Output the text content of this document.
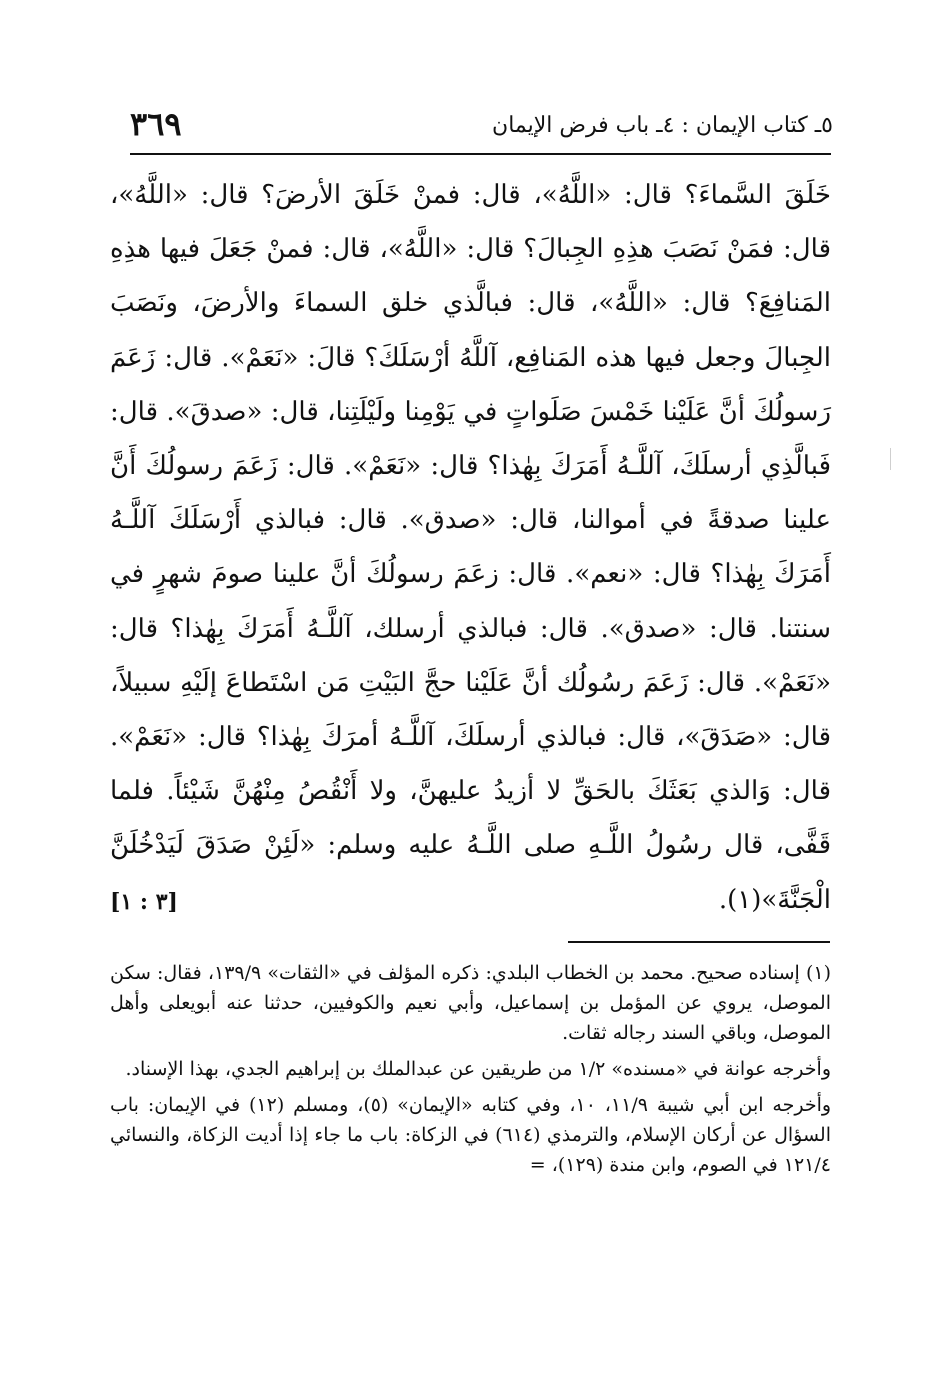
٥ـ كتاب الإيمان : ٤ـ باب فرض الإيمان
٣٦٩

خَلَقَ السَّماءَ؟ قال: «اللَّهُ»، قال: فمنْ خَلَقَ الأرضَ؟ قال: «اللَّهُ»، قال: فمَنْ نَصَبَ هذِهِ الجِبالَ؟ قال: «اللَّهُ»، قال: فمنْ جَعَلَ فيها هذِهِ المَنافِعَ؟ قال: «اللَّهُ»، قال: فبالَّذي خلق السماءَ والأرضَ، ونَصَبَ الجِبالَ وجعل فيها هذه المَنافِع، آللَّهُ أرْسَلَكَ؟ قالَ: «نَعَمْ». قال: زَعَمَ رَسولُكَ أنَّ عَلَيْنا خَمْسَ صَلَواتٍ في يَوْمِنا ولَيْلَتِنا، قال: «صدقَ». قال: فَبالَّذِي أرسلَكَ، آللَّـهُ أَمَرَكَ بِهٰذا؟ قال: «نَعَمْ». قال: زَعَمَ رسولُكَ أَنَّ علينا صدقةً في أموالنا، قال: «صدق». قال: فبالذي أَرْسَلَكَ آللَّـهُ أَمَرَكَ بِهٰذا؟ قال: «نعم». قال: زعَمَ رسولُكَ أنَّ علينا صومَ شهرٍ في سنتنا. قال: «صدق». قال: فبالذي أرسلك، آللَّـهُ أَمَرَكَ بِهٰذا؟ قال: «نَعَمْ». قال: زَعَمَ رسُولُك أنَّ عَلَيْنا حجَّ البَيْتِ مَن اسْتَطاعَ إلَيْهِ سبيلاً، قال: «صَدَقَ»، قال: فبالذي أرسلَكَ، آللَّـهُ أمرَكَ بِهٰذا؟ قال: «نَعَمْ». قال: وَالذي بَعَثَكَ بالحَقِّ لا أزيدُ عليهنَّ، ولا أَنْقُصُ مِنْهُنَّ شَيْئاً. فلما قَفَّى، قال رسُولُ اللَّـهِ صلى اللَّـهُ عليه وسلم: «لَئِنْ صَدَقَ لَيَدْخُلَنَّ الْجَنَّةَ»(١).
[٣ : ١]

(١) إسناده صحيح. محمد بن الخطاب البلدي: ذكره المؤلف في «الثقات» ١٣٩/٩، فقال: سكن الموصل، يروي عن المؤمل بن إسماعيل، وأبي نعيم والكوفيين، حدثنا عنه أبويعلى وأهل الموصل، وباقي السند رجاله ثقات.

وأخرجه عوانة في «مسنده» ١/٢ من طريقين عن عبدالملك بن إبراهيم الجدي، بهذا الإسناد.

وأخرجه ابن أبي شيبة ١١/٩، ١٠، وفي كتابه «الإيمان» (٥)، ومسلم (١٢) في الإيمان: باب السؤال عن أركان الإسلام، والترمذي (٦١٤) في الزكاة: باب ما جاء إذا أديت الزكاة، والنسائي ١٢١/٤ في الصوم، وابن مندة (١٢٩)، =
